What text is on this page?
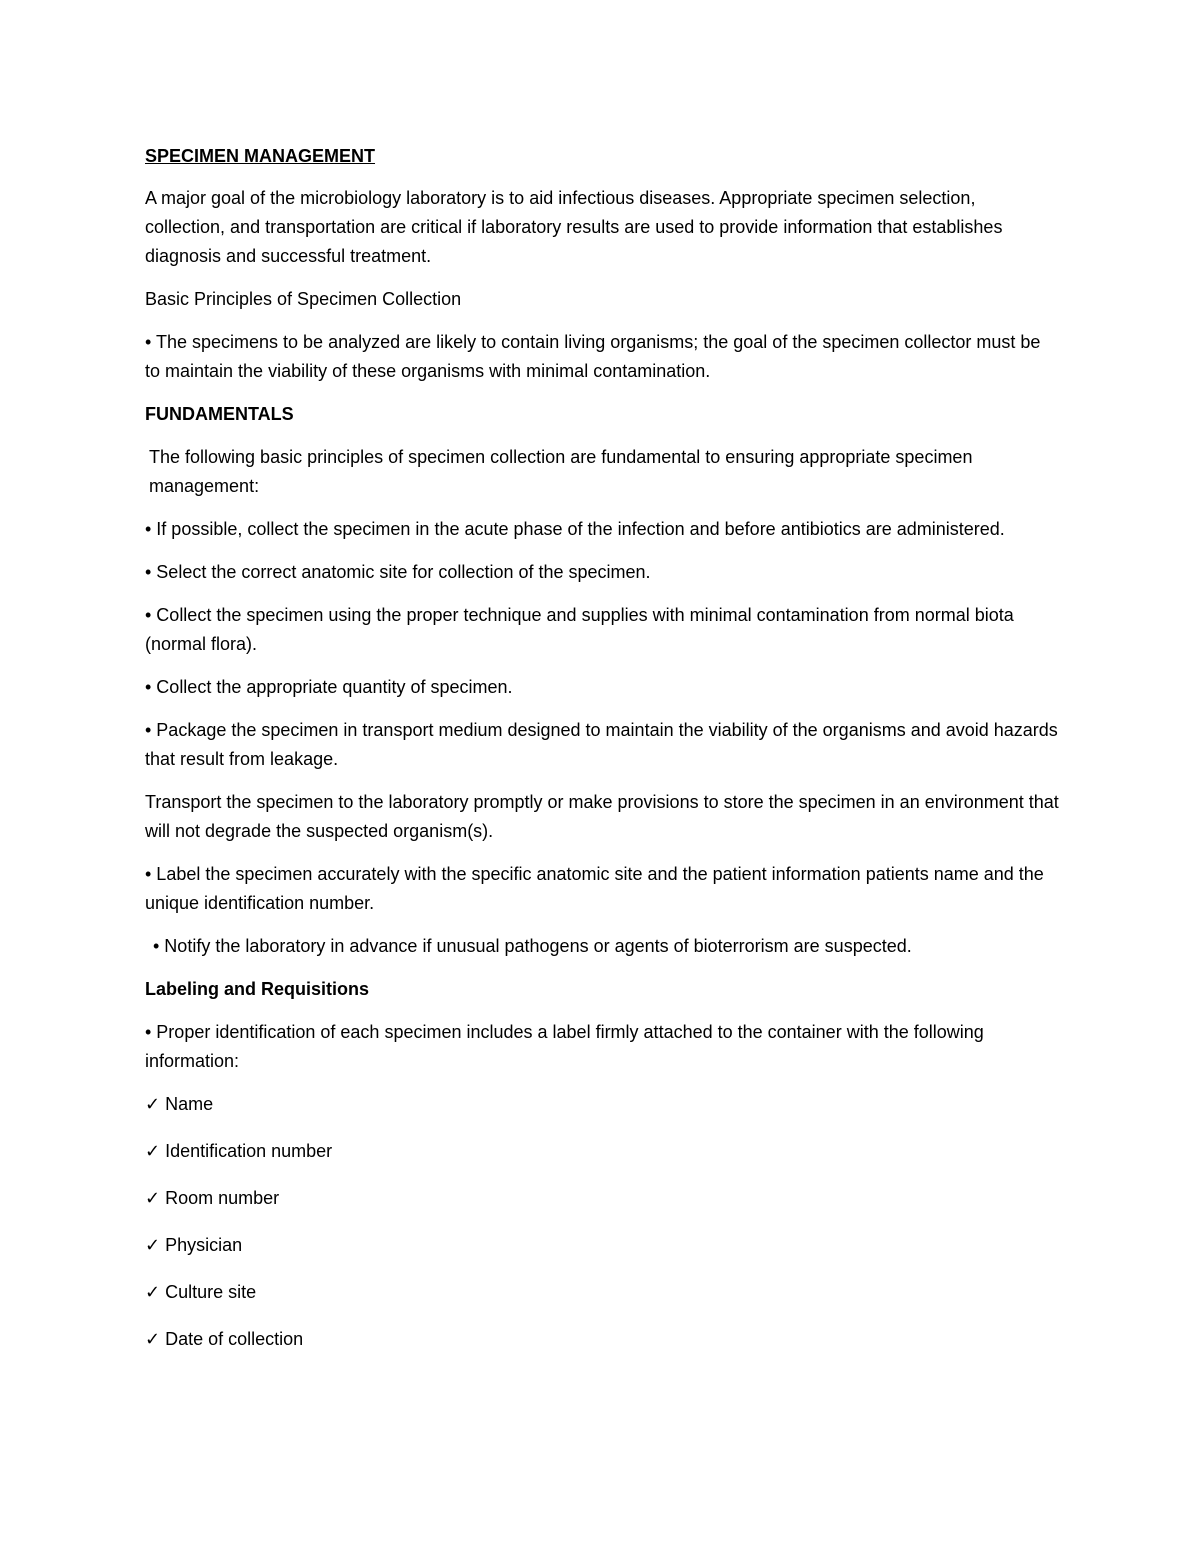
SPECIMEN MANAGEMENT

A major goal of the microbiology laboratory is to aid infectious diseases. Appropriate specimen selection, collection, and transportation are critical if laboratory results are used to provide information that establishes diagnosis and successful treatment.

Basic Principles of Specimen Collection

• The specimens to be analyzed are likely to contain living organisms; the goal of the specimen collector must be to maintain the viability of these organisms with minimal contamination.

FUNDAMENTALS

The following basic principles of specimen collection are fundamental to ensuring appropriate specimen management:

• If possible, collect the specimen in the acute phase of the infection and before antibiotics are administered.

• Select the correct anatomic site for collection of the specimen.

• Collect the specimen using the proper technique and supplies with minimal contamination from normal biota (normal flora).

• Collect the appropriate quantity of specimen.

• Package the specimen in transport medium designed to maintain the viability of the organisms and avoid hazards that result from leakage.

Transport the specimen to the laboratory promptly or make provisions to store the specimen in an environment that will not degrade the suspected organism(s).

• Label the specimen accurately with the specific anatomic site and the patient information patients name and the unique identification number.

• Notify the laboratory in advance if unusual pathogens or agents of bioterrorism are suspected.

Labeling and Requisitions

• Proper identification of each specimen includes a label firmly attached to the container with the following information:

✓ Name
✓ Identification number
✓ Room number
✓ Physician
✓ Culture site
✓ Date of collection
